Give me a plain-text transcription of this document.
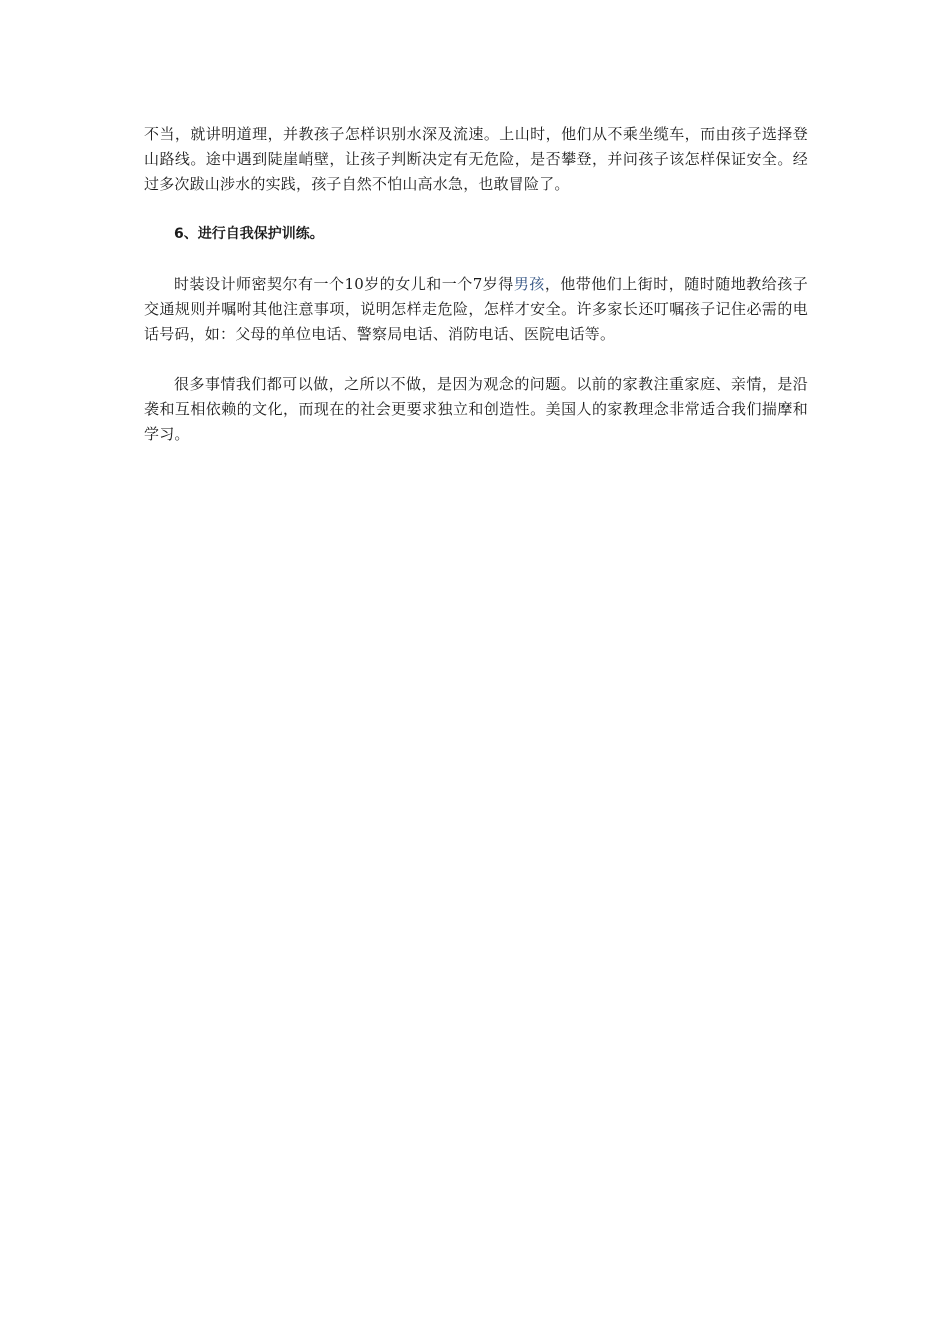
不当，就讲明道理，并教孩子怎样识别水深及流速。上山时，他们从不乘坐缆车，而由孩子选择登山路线。途中遇到陡崖峭壁，让孩子判断决定有无危险，是否攀登，并问孩子该怎样保证安全。经过多次跋山涉水的实践，孩子自然不怕山高水急，也敢冒险了。

6、进行自我保护训练。

时装设计师密契尔有一个10岁的女儿和一个7岁得男孩，他带他们上街时，随时随地教给孩子交通规则并嘱咐其他注意事项，说明怎样走危险，怎样才安全。许多家长还叮嘱孩子记住必需的电话号码，如：父母的单位电话、警察局电话、消防电话、医院电话等。

很多事情我们都可以做，之所以不做，是因为观念的问题。以前的家教注重家庭、亲情，是沿袭和互相依赖的文化，而现在的社会更要求独立和创造性。美国人的家教理念非常适合我们揣摩和学习。
